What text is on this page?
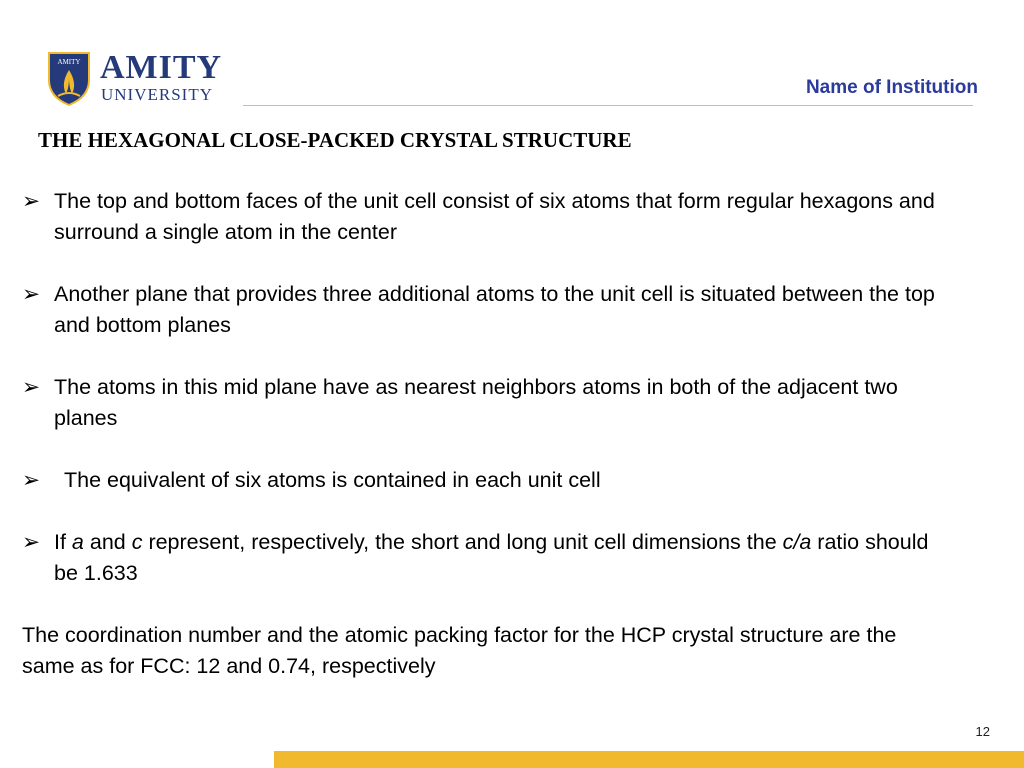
AMITY AMITY
UNIVERSITY	Name of Institution
THE HEXAGONAL CLOSE-PACKED CRYSTAL STRUCTURE
➢ The top and bottom faces of the unit cell consist of six atoms that form regular hexagons and surround a single atom in the center
➢ Another plane that provides three additional atoms to the unit cell is situated between the top and bottom planes
➢ The atoms in this mid plane have as nearest neighbors atoms in both of the adjacent two planes
➢ The equivalent of six atoms is contained in each unit cell
➢ If a and c represent, respectively, the short and long unit cell dimensions the c/a ratio should be 1.633
The coordination number and the atomic packing factor for the HCP crystal structure are the same as for FCC: 12 and 0.74, respectively
12
